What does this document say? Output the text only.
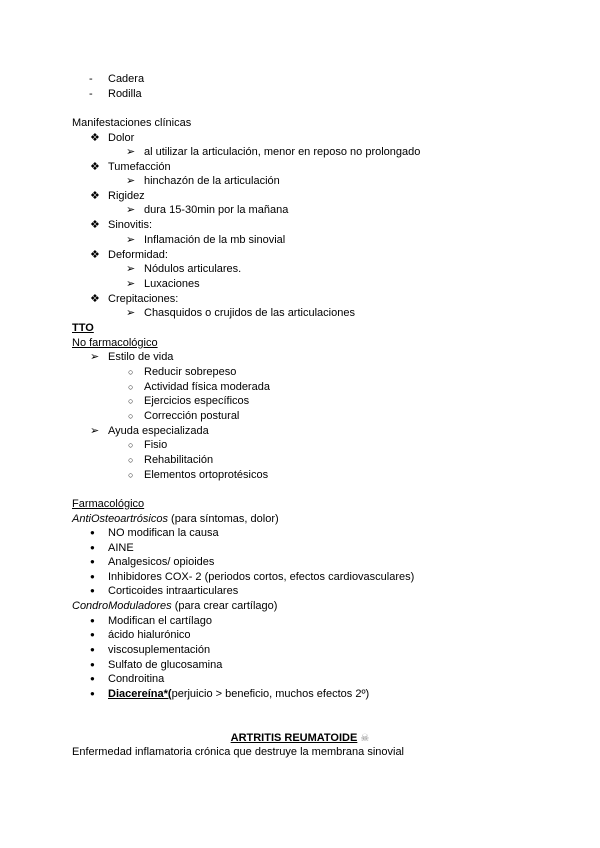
- Cadera
- Rodilla
Manifestaciones clínicas
❖ Dolor
➢ al utilizar la articulación, menor en reposo no prolongado
❖ Tumefacción
➢ hinchazón de la articulación
❖ Rigidez
➢ dura 15-30min por la mañana
❖ Sinovitis:
➢ Inflamación de la mb sinovial
❖ Deformidad:
➢ Nódulos articulares.
➢ Luxaciones
❖ Crepitaciones:
➢ Chasquidos o crujidos de las articulaciones
TTO
No farmacológico
➢ Estilo de vida
○ Reducir sobrepeso
○ Actividad física moderada
○ Ejercicios específicos
○ Corrección postural
➢ Ayuda especializada
○ Fisio
○ Rehabilitación
○ Elementos ortoprotésicos
Farmacológico
AntiOsteoartrósicos (para síntomas, dolor)
● NO modifican la causa
● AINE
● Analgesicos/ opioides
● Inhibidores COX- 2 (periodos cortos, efectos cardiovasculares)
● Corticoides intraarticulares
CondroModuladores (para crear cartílago)
● Modifican el cartílago
● ácido hialurónico
● viscosuplementación
● Sulfato de glucosamina
● Condroitina
● Diacereína*(perjuicio > beneficio, muchos efectos 2º)
ARTRITIS REUMATOIDE ☠
Enfermedad inflamatoria crónica que destruye la membrana sinovial
